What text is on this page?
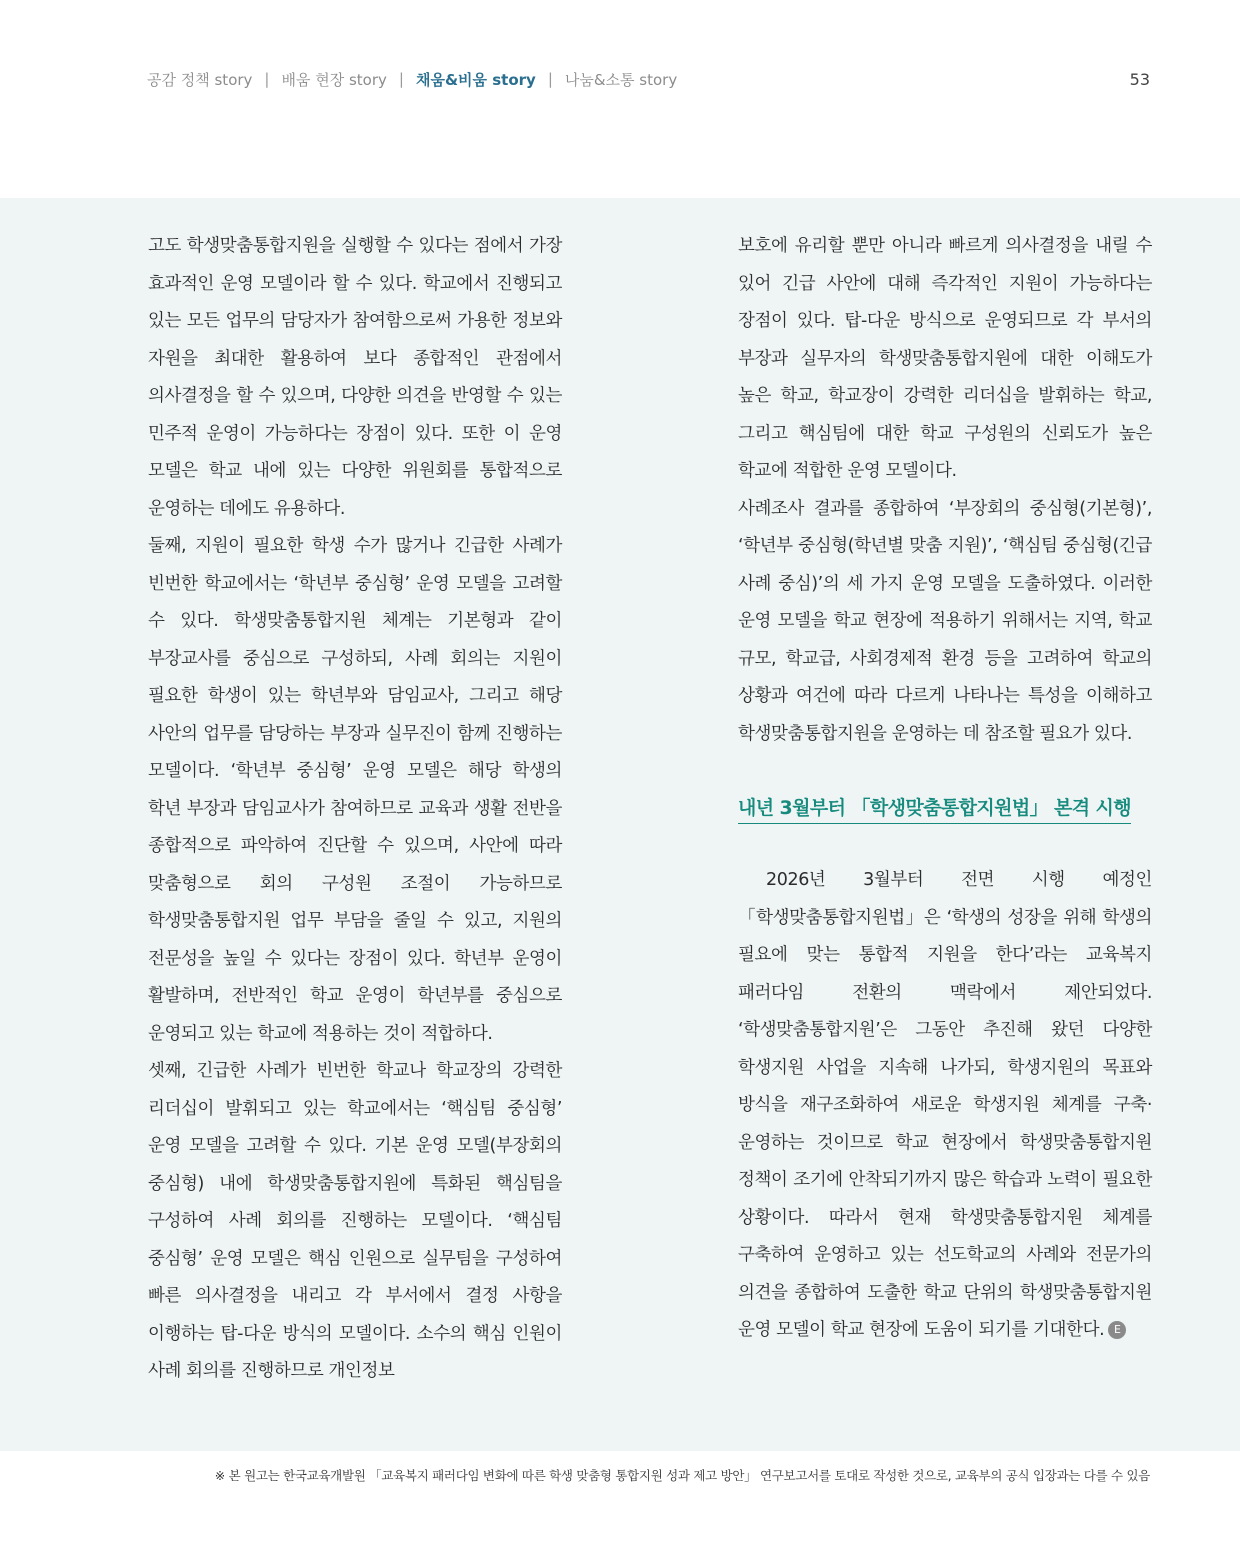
공감 정책 story | 배움 현장 story | 채움&비움 story | 나눔&소통 story	53

고도 학생맞춤통합지원을 실행할 수 있다는 점에서 가장 효과적인 운영 모델이라 할 수 있다. 학교에서 진행되고 있는 모든 업무의 담당자가 참여함으로써 가용한 정보와 자원을 최대한 활용하여 보다 종합적인 관점에서 의사결정을 할 수 있으며, 다양한 의견을 반영할 수 있는 민주적 운영이 가능하다는 장점이 있다. 또한 이 운영 모델은 학교 내에 있는 다양한 위원회를 통합적으로 운영하는 데에도 유용하다.

둘째, 지원이 필요한 학생 수가 많거나 긴급한 사례가 빈번한 학교에서는 ‘학년부 중심형’ 운영 모델을 고려할 수 있다. 학생맞춤통합지원 체계는 기본형과 같이 부장교사를 중심으로 구성하되, 사례 회의는 지원이 필요한 학생이 있는 학년부와 담임교사, 그리고 해당 사안의 업무를 담당하는 부장과 실무진이 함께 진행하는 모델이다. ‘학년부 중심형’ 운영 모델은 해당 학생의 학년 부장과 담임교사가 참여하므로 교육과 생활 전반을 종합적으로 파악하여 진단할 수 있으며, 사안에 따라 맞춤형으로 회의 구성원 조절이 가능하므로 학생맞춤통합지원 업무 부담을 줄일 수 있고, 지원의 전문성을 높일 수 있다는 장점이 있다. 학년부 운영이 활발하며, 전반적인 학교 운영이 학년부를 중심으로 운영되고 있는 학교에 적용하는 것이 적합하다.

셋째, 긴급한 사례가 빈번한 학교나 학교장의 강력한 리더십이 발휘되고 있는 학교에서는 ‘핵심팀 중심형’ 운영 모델을 고려할 수 있다. 기본 운영 모델(부장회의 중심형) 내에 학생맞춤통합지원에 특화된 핵심팀을 구성하여 사례 회의를 진행하는 모델이다. ‘핵심팀 중심형’ 운영 모델은 핵심 인원으로 실무팀을 구성하여 빠른 의사결정을 내리고 각 부서에서 결정 사항을 이행하는 탑-다운 방식의 모델이다. 소수의 핵심 인원이 사례 회의를 진행하므로 개인정보

보호에 유리할 뿐만 아니라 빠르게 의사결정을 내릴 수 있어 긴급 사안에 대해 즉각적인 지원이 가능하다는 장점이 있다. 탑-다운 방식으로 운영되므로 각 부서의 부장과 실무자의 학생맞춤통합지원에 대한 이해도가 높은 학교, 학교장이 강력한 리더십을 발휘하는 학교, 그리고 핵심팀에 대한 학교 구성원의 신뢰도가 높은 학교에 적합한 운영 모델이다.

사례조사 결과를 종합하여 ‘부장회의 중심형(기본형)’, ‘학년부 중심형(학년별 맞춤 지원)’, ‘핵심팀 중심형(긴급 사례 중심)’의 세 가지 운영 모델을 도출하였다. 이러한 운영 모델을 학교 현장에 적용하기 위해서는 지역, 학교 규모, 학교급, 사회경제적 환경 등을 고려하여 학교의 상황과 여건에 따라 다르게 나타나는 특성을 이해하고 학생맞춤통합지원을 운영하는 데 참조할 필요가 있다.

내년 3월부터 「학생맞춤통합지원법」 본격 시행

2026년 3월부터 전면 시행 예정인 「학생맞춤통합지원법」은 ‘학생의 성장을 위해 학생의 필요에 맞는 통합적 지원을 한다’라는 교육복지 패러다임 전환의 맥락에서 제안되었다. ‘학생맞춤통합지원’은 그동안 추진해 왔던 다양한 학생지원 사업을 지속해 나가되, 학생지원의 목표와 방식을 재구조화하여 새로운 학생지원 체계를 구축·운영하는 것이므로 학교 현장에서 학생맞춤통합지원 정책이 조기에 안착되기까지 많은 학습과 노력이 필요한 상황이다. 따라서 현재 학생맞춤통합지원 체계를 구축하여 운영하고 있는 선도학교의 사례와 전문가의 의견을 종합하여 도출한 학교 단위의 학생맞춤통합지원 운영 모델이 학교 현장에 도움이 되기를 기대한다. E

※ 본 원고는 한국교육개발원 「교육복지 패러다임 변화에 따른 학생 맞춤형 통합지원 성과 제고 방안」 연구보고서를 토대로 작성한 것으로, 교육부의 공식 입장과는 다를 수 있음
